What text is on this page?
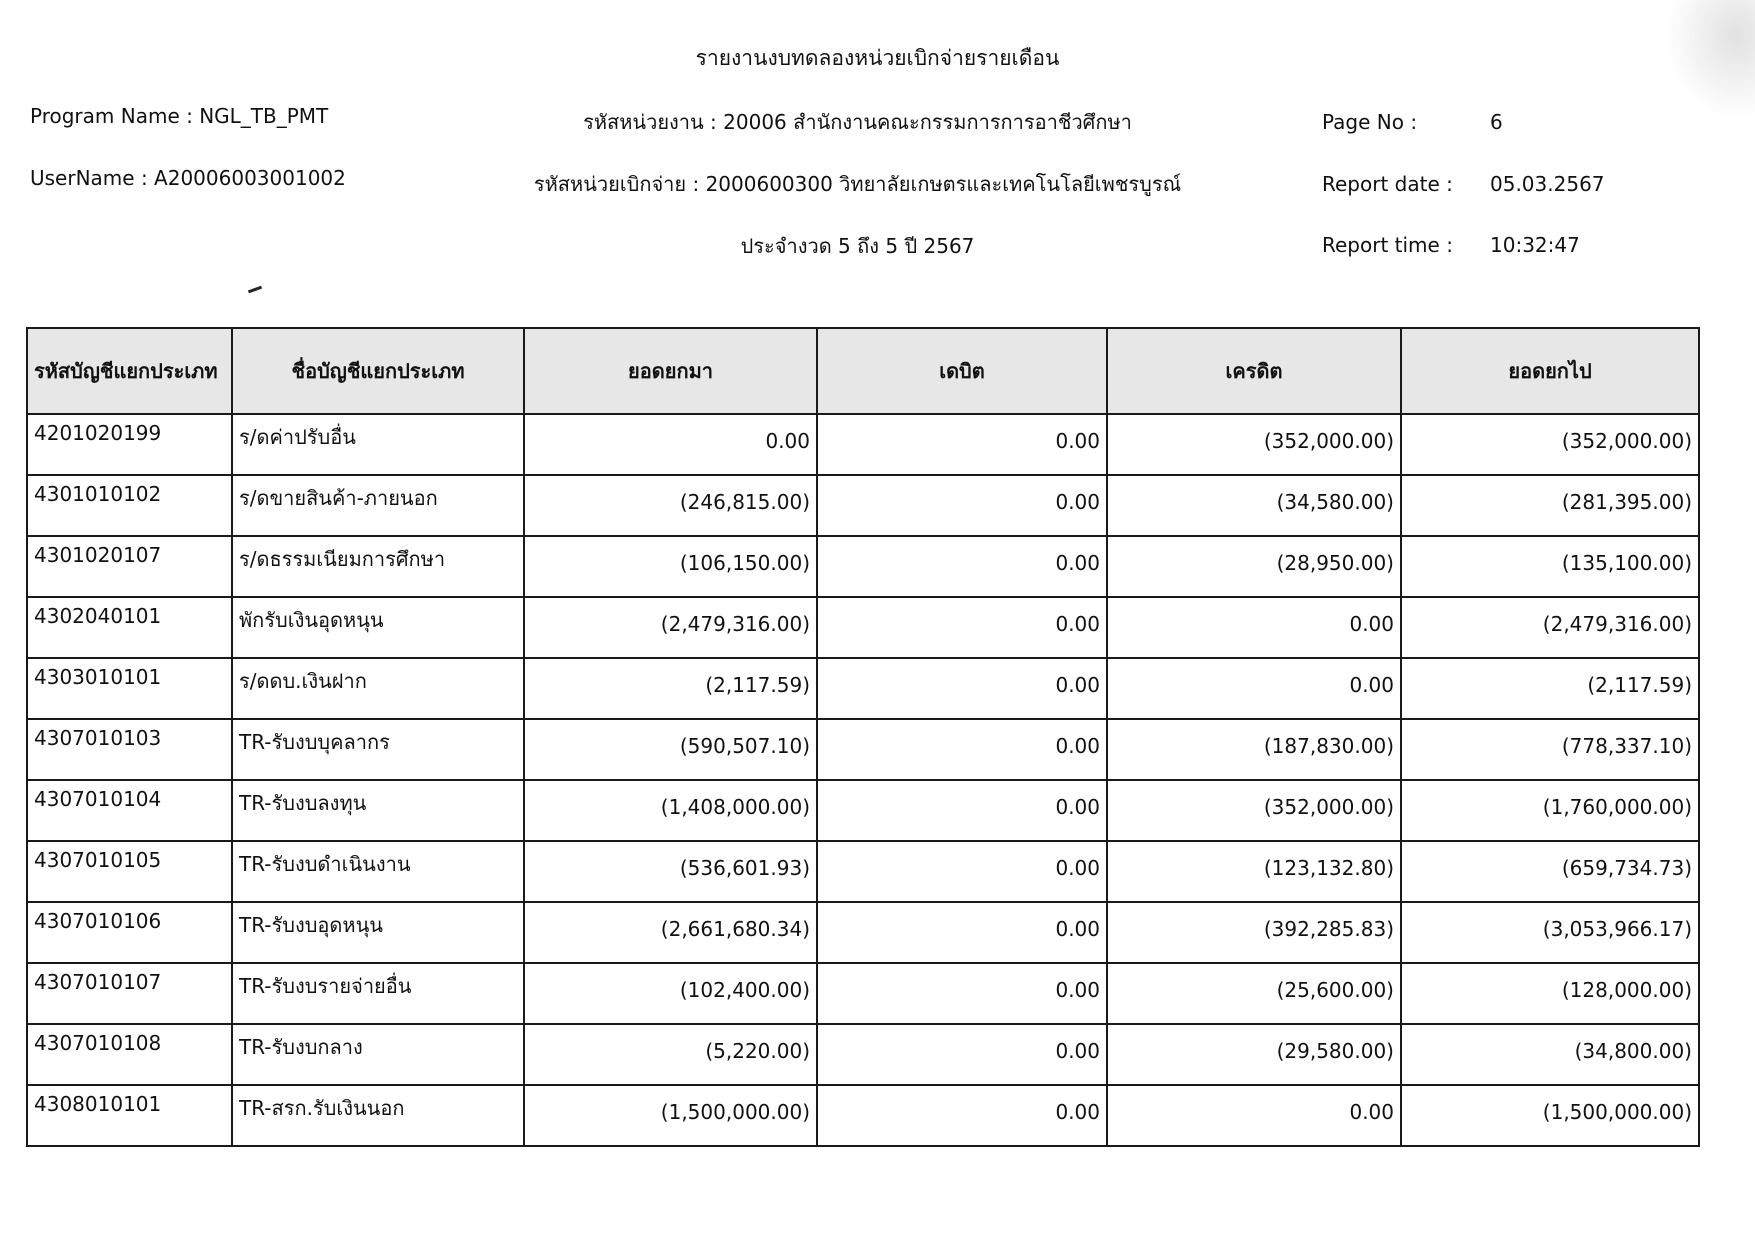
รายงานงบทดลองหน่วยเบิกจ่ายรายเดือน
Program Name : NGL_TB_PMT
UserName : A20006003001002
รหัสหน่วยงาน : 20006 สำนักงานคณะกรรมการการอาชีวศึกษา
รหัสหน่วยเบิกจ่าย : 2000600300 วิทยาลัยเกษตรและเทคโนโลยีเพชรบูรณ์
ประจำงวด 5 ถึง 5 ปี 2567
Page No :	6
Report date : 05.03.2567
Report time : 10:32:47
รหัสบัญชีแยกประเภท	ชื่อบัญชีแยกประเภท	ยอดยกมา	เดบิต	เครดิต	ยอดยกไป
4201020199	ร/ดค่าปรับอื่น	0.00	0.00	(352,000.00)	(352,000.00)
4301010102	ร/ดขายสินค้า-ภายนอก	(246,815.00)	0.00	(34,580.00)	(281,395.00)
4301020107	ร/ดธรรมเนียมการศึกษา	(106,150.00)	0.00	(28,950.00)	(135,100.00)
4302040101	พักรับเงินอุดหนุน	(2,479,316.00)	0.00	0.00	(2,479,316.00)
4303010101	ร/ดดบ.เงินฝาก	(2,117.59)	0.00	0.00	(2,117.59)
4307010103	TR-รับงบบุคลากร	(590,507.10)	0.00	(187,830.00)	(778,337.10)
4307010104	TR-รับงบลงทุน	(1,408,000.00)	0.00	(352,000.00)	(1,760,000.00)
4307010105	TR-รับงบดำเนินงาน	(536,601.93)	0.00	(123,132.80)	(659,734.73)
4307010106	TR-รับงบอุดหนุน	(2,661,680.34)	0.00	(392,285.83)	(3,053,966.17)
4307010107	TR-รับงบรายจ่ายอื่น	(102,400.00)	0.00	(25,600.00)	(128,000.00)
4307010108	TR-รับงบกลาง	(5,220.00)	0.00	(29,580.00)	(34,800.00)
4308010101	TR-สรก.รับเงินนอก	(1,500,000.00)	0.00	0.00	(1,500,000.00)
